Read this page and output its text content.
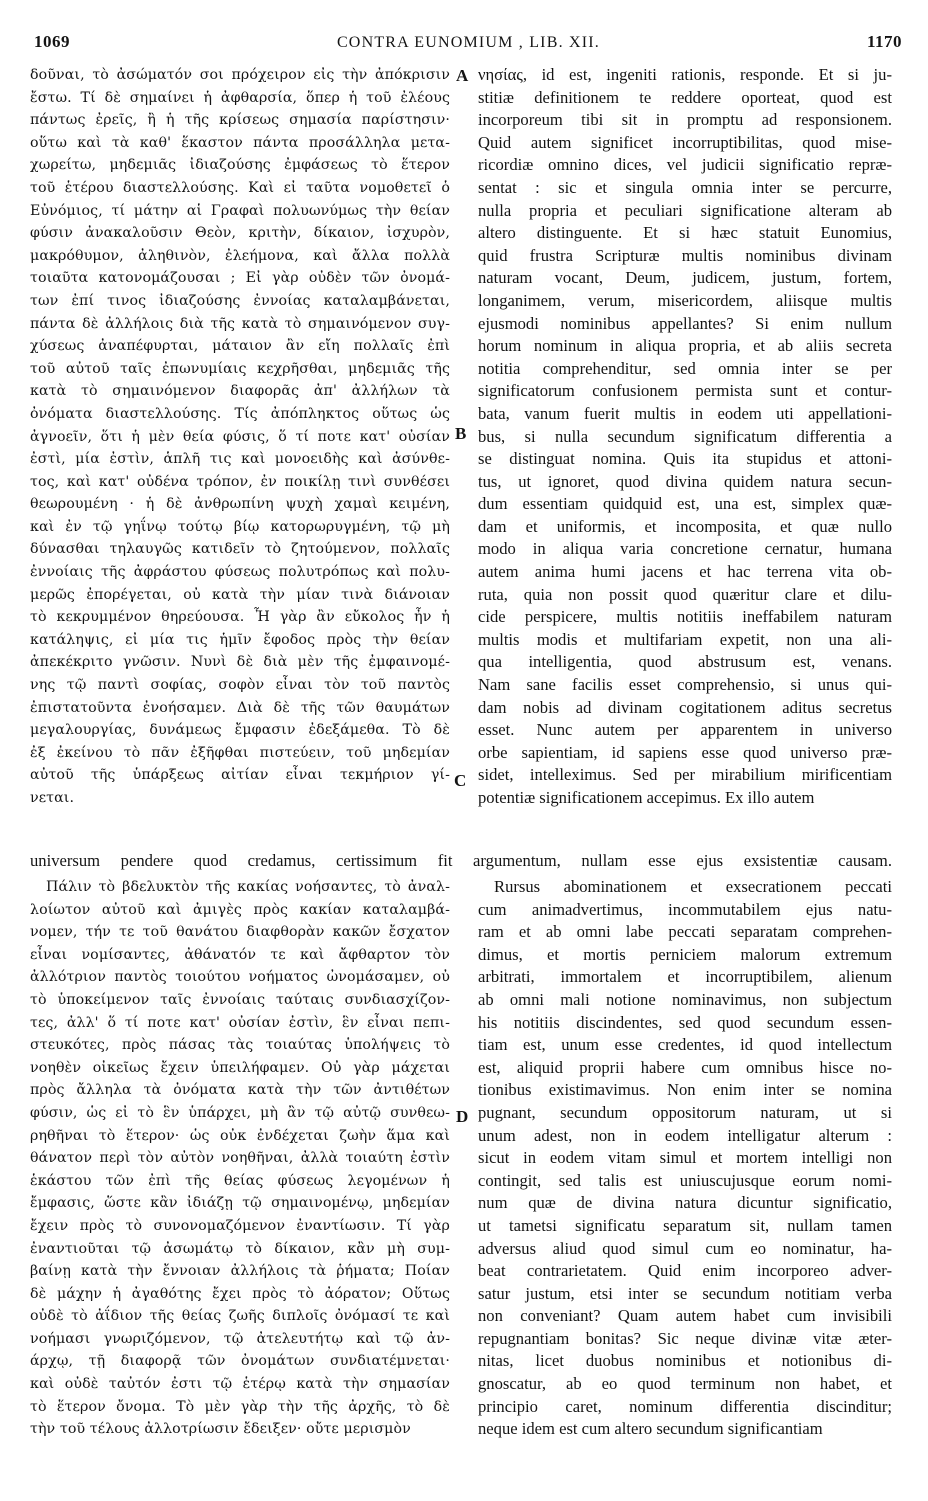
1069	CONTRA EUNOMIUM , LIB. XII.	1170
δοῦναι, τὸ ἀσώματόν σοι πρόχειρον εἰς τὴν ἀπόκρισιν
ἔστω. Τί δὲ σημαίνει ἡ ἀφθαρσία, ὅπερ ἡ τοῦ ἐλέους
πάντως ἐρεῖς, ἢ ἡ τῆς κρίσεως σημασία παρίστησιν·
οὕτω καὶ τὰ καθ' ἕκαστον πάντα προσάλληλα μετα-
χωρείτω, μηδεμιᾶς ἰδιαζούσης ἐμφάσεως τὸ ἕτερον
τοῦ ἑτέρου διαστελλούσης. Καὶ εἰ ταῦτα νομοθετεῖ ὁ
Εὐνόμιος, τί μάτην αἱ Γραφαὶ πολυωνύμως τὴν θείαν
φύσιν ἀνακαλοῦσιν Θεὸν, κριτὴν, δίκαιον, ἰσχυρὸν,
μακρόθυμον, ἀληθινὸν, ἐλεήμονα, καὶ ἄλλα πολλὰ
τοιαῦτα κατονομάζουσαι ; Εἰ γὰρ οὐδὲν τῶν ὀνομά-
των ἐπί τινος ἰδιαζούσης ἐννοίας καταλαμβάνεται,
πάντα δὲ ἀλλήλοις διὰ τῆς κατὰ τὸ σημαινόμενον συγ-
χύσεως ἀναπέφυρται, μάταιον ἂν εἴη πολλαῖς ἐπὶ
τοῦ αὐτοῦ ταῖς ἐπωνυμίαις κεχρῆσθαι, μηδεμιᾶς τῆς
κατὰ τὸ σημαινόμενον διαφορᾶς ἀπ' ἀλλήλων τὰ
ὀνόματα διαστελλούσης. Τίς ἀπόπληκτος οὕτως ὡς
ἀγνοεῖν, ὅτι ἡ μὲν θεία φύσις, ὅ τί ποτε κατ' οὐσίαν
ἐστὶ, μία ἐστὶν, ἁπλῆ τις καὶ μονοειδὴς καὶ ἀσύνθε-
τος, καὶ κατ' οὐδένα τρόπον, ἐν ποικίλῃ τινὶ συνθέσει
θεωρουμένη · ἡ δὲ ἀνθρωπίνη ψυχὴ χαμαὶ κειμένη,
καὶ ἐν τῷ γηΐνῳ τούτῳ βίῳ κατορωρυγμένη, τῷ μὴ
δύνασθαι τηλαυγῶς κατιδεῖν τὸ ζητούμενον, πολλαῖς
ἐννοίαις τῆς ἀφράστου φύσεως πολυτρόπως καὶ πολυ-
μερῶς ἐπορέγεται, οὐ κατὰ τὴν μίαν τινὰ διάνοιαν
τὸ κεκρυμμένον θηρεύουσα. Ἦ γὰρ ἂν εὔκολος ἦν ἡ
κατάληψις, εἰ μία τις ἡμῖν ἔφοδος πρὸς τὴν θείαν
ἀπεκέκριτο γνῶσιν. Νυνὶ δὲ διὰ μὲν τῆς ἐμφαινομέ-
νης τῷ παντὶ σοφίας, σοφὸν εἶναι τὸν τοῦ παντὸς
ἐπιστατοῦντα ἐνοήσαμεν. Διὰ δὲ τῆς τῶν θαυμάτων
μεγαλουργίας, δυνάμεως ἔμφασιν ἐδεξάμεθα. Τὸ δὲ
ἐξ ἐκείνου τὸ πᾶν ἐξῆφθαι πιστεύειν, τοῦ μηδεμίαν
αὐτοῦ τῆς ὑπάρξεως αἰτίαν εἶναι τεκμήριον γί-
νεται.
νησίας, id est, ingeniti rationis, responde. Et si ju-
stitiæ definitionem te reddere oporteat, quod est
incorporeum tibi sit in promptu ad responsionem.
Quid autem significet incorruptibilitas, quod mise-
ricordiæ omnino dices, vel judicii significatio repræ-
sentat : sic et singula omnia inter se percurre,
nulla propria et peculiari significatione alteram ab
altero distinguente. Et si hæc statuit Eunomius,
quid frustra Scripturæ multis nominibus divinam
naturam vocant, Deum, judicem, justum, fortem,
longanimem, verum, misericordem, aliisque multis
ejusmodi nominibus appellantes? Si enim nullum
horum nominum in aliqua propria, et ab aliis secreta
notitia comprehenditur, sed omnia inter se per
significatorum confusionem permista sunt et contur-
bata, vanum fuerit multis in eodem uti appellationi-
bus, si nulla secundum significatum differentia a
se distinguat nomina. Quis ita stupidus et attoni-
tus, ut ignoret, quod divina quidem natura secun-
dum essentiam quidquid est, una est, simplex quæ-
dam et uniformis, et incomposita, et quæ nullo
modo in aliqua varia concretione cernatur, humana
autem anima humi jacens et hac terrena vita ob-
ruta, quia non possit quod quæritur clare et dilu-
cide perspicere, multis notitiis ineffabilem naturam
multis modis et multifariam expetit, non una ali-
qua intelligentia, quod abstrusum est, venans.
Nam sane facilis esset comprehensio, si unus qui-
dam nobis ad divinam cogitationem aditus secretus
esset. Nunc autem per apparentem in universo
orbe sapientiam, id sapiens esse quod universo præ-
sidet, intelleximus. Sed per mirabilium mirificentiam
potentiæ significationem accepimus. Ex illo autem
A
B
C
D
universum pendere quod credamus, certissimum fit argumentum, nullam esse ejus exsistentiæ causam.
Πάλιν τὸ βδελυκτὸν τῆς κακίας νοήσαντες, τὸ ἀναλ-
λοίωτον αὐτοῦ καὶ ἀμιγὲς πρὸς κακίαν καταλαμβά-
νομεν, τήν τε τοῦ θανάτου διαφθορὰν κακῶν ἔσχατον
εἶναι νομίσαντες, ἀθάνατόν τε καὶ ἄφθαρτον τὸν
ἀλλότριον παντὸς τοιούτου νοήματος ὠνομάσαμεν, οὐ
τὸ ὑποκείμενον ταῖς ἐννοίαις ταύταις συνδιασχίζον-
τες, ἀλλ' ὅ τί ποτε κατ' οὐσίαν ἐστὶν, ἓν εἶναι πεπι-
στευκότες, πρὸς πάσας τὰς τοιαύτας ὑπολήψεις τὸ
νοηθὲν οἰκεῖως ἔχειν ὑπειλήφαμεν. Οὐ γὰρ μάχεται
πρὸς ἄλληλα τὰ ὀνόματα κατὰ τὴν τῶν ἀντιθέτων
φύσιν, ὡς εἰ τὸ ἓν ὑπάρχει, μὴ ἂν τῷ αὐτῷ συνθεω-
ρηθῆναι τὸ ἕτερον· ὡς οὐκ ἐνδέχεται ζωὴν ἅμα καὶ
θάνατον περὶ τὸν αὐτὸν νοηθῆναι, ἀλλὰ τοιαύτη ἐστὶν
ἑκάστου τῶν ἐπὶ τῆς θείας φύσεως λεγομένων ἡ
ἔμφασις, ὥστε κἂν ἰδιάζῃ τῷ σημαινομένῳ, μηδεμίαν
ἔχειν πρὸς τὸ συνονομαζόμενον ἐναντίωσιν. Τί γὰρ
ἐναντιοῦται τῷ ἀσωμάτῳ τὸ δίκαιον, κἂν μὴ συμ-
βαίνῃ κατὰ τὴν ἔννοιαν ἀλλήλοις τὰ ῥήματα; Ποίαν
δὲ μάχην ἡ ἀγαθότης ἔχει πρὸς τὸ ἀόρατον; Οὕτως
οὐδὲ τὸ ἀΐδιον τῆς θείας ζωῆς διπλοῖς ὀνόμασί τε καὶ
νοήμασι γνωριζόμενον, τῷ ἀτελευτήτῳ καὶ τῷ ἀν-
άρχῳ, τῇ διαφορᾷ τῶν ὀνομάτων συνδιατέμνεται·
καὶ οὐδὲ ταὐτόν ἐστι τῷ ἑτέρῳ κατὰ τὴν σημασίαν
τὸ ἕτερον ὄνομα. Τὸ μὲν γὰρ τὴν τῆς ἀρχῆς, τὸ δὲ
τὴν τοῦ τέλους ἀλλοτρίωσιν ἔδειξεν· οὔτε μερισμὸν
Rursus abominationem et exsecrationem peccati
cum animadvertimus, incommutabilem ejus natu-
ram et ab omni labe peccati separatam comprehen-
dimus, et mortis perniciem malorum extremum
arbitrati, immortalem et incorruptibilem, alienum
ab omni mali notione nominavimus, non subjectum
his notitiis discindentes, sed quod secundum essen-
tiam est, unum esse credentes, id quod intellectum
est, aliquid proprii habere cum omnibus hisce no-
tionibus existimavimus. Non enim inter se nomina
pugnant, secundum oppositorum naturam, ut si
unum adest, non in eodem intelligatur alterum :
sicut in eodem vitam simul et mortem intelligi non
contingit, sed talis est uniuscujusque eorum nomi-
num quæ de divina natura dicuntur significatio,
ut tametsi significatu separatum sit, nullam tamen
adversus aliud quod simul cum eo nominatur, ha-
beat contrarietatem. Quid enim incorporeo adver-
satur justum, etsi inter se secundum notitiam verba
non conveniant? Quam autem habet cum invisibili
repugnantiam bonitas? Sic neque divinæ vitæ æter-
nitas, licet duobus nominibus et notionibus di-
gnoscatur, ab eo quod terminum non habet, et
principio caret, nominum differentia discinditur;
neque idem est cum altero secundum significantiam
